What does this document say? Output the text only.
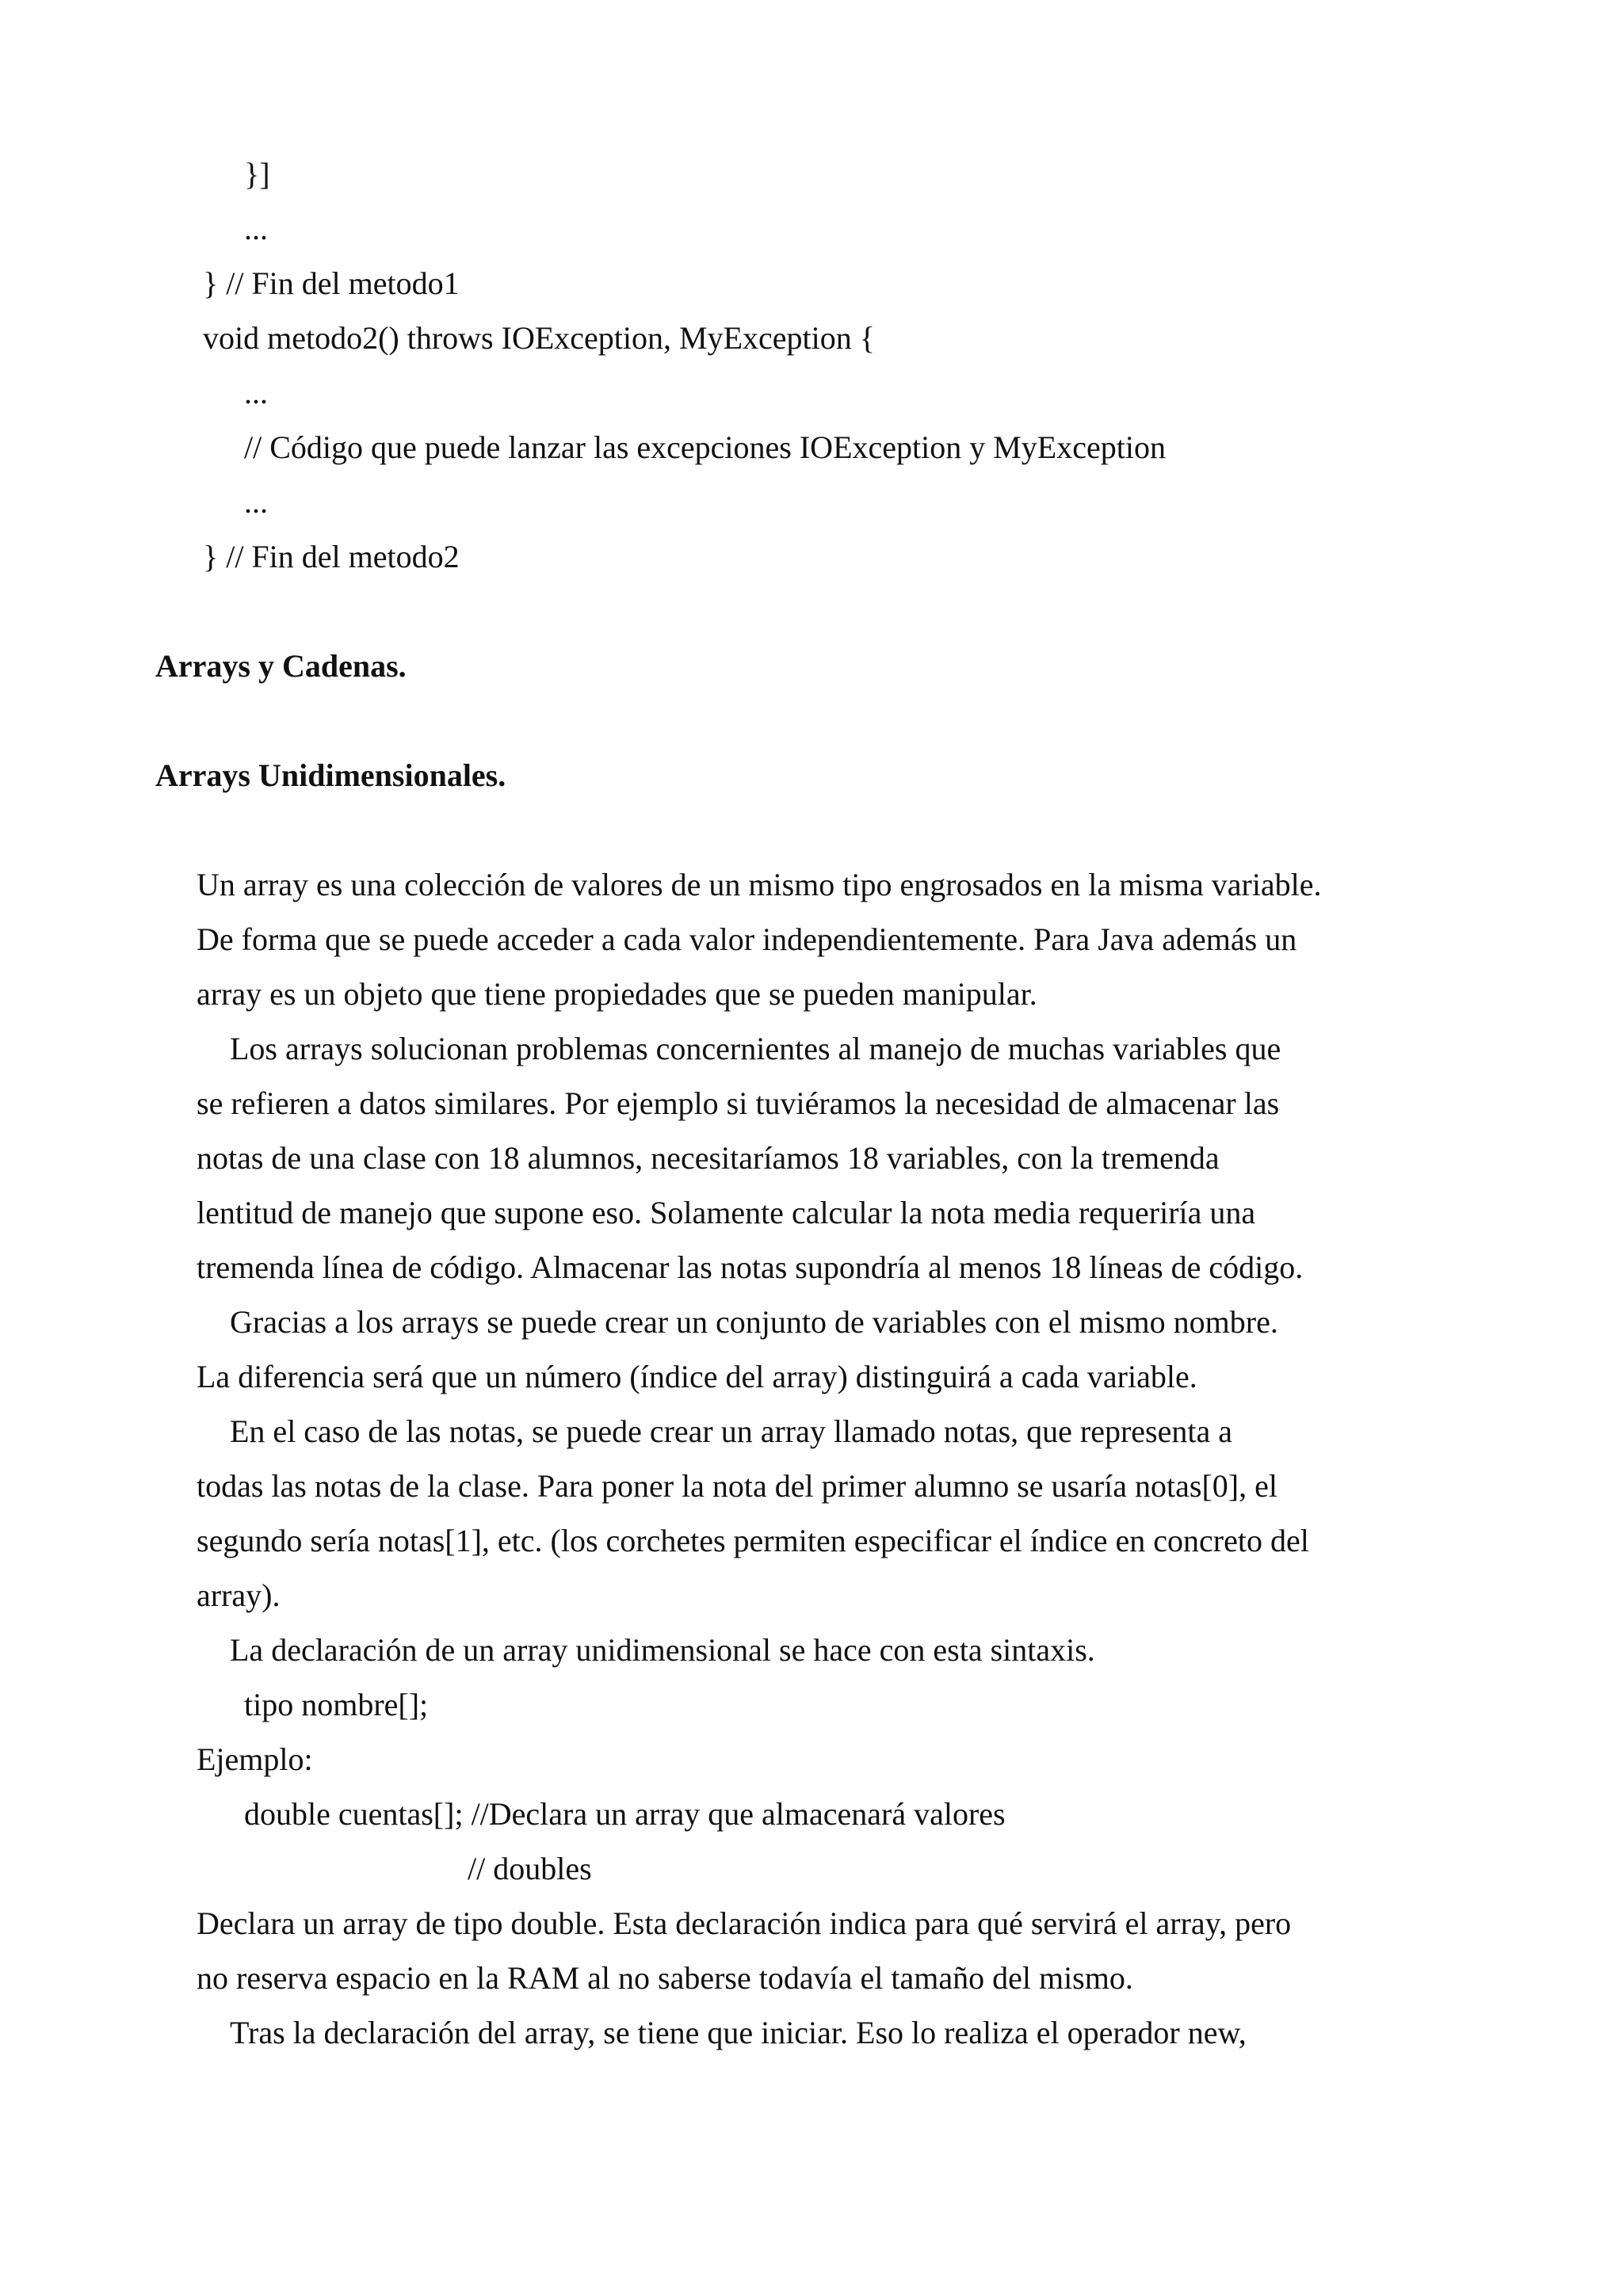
}]

...

} // Fin del metodo1

void metodo2() throws IOException, MyException {

...

// Código que puede lanzar las excepciones IOException y MyException

...

} // Fin del metodo2

Arrays y Cadenas.

Arrays Unidimensionales.

Un array es una colección de valores de un mismo tipo engrosados en la misma variable.

De forma que se puede acceder a cada valor independientemente. Para Java además un

array es un objeto que tiene propiedades que se pueden manipular.

Los arrays solucionan problemas concernientes al manejo de muchas variables que

se refieren a datos similares. Por ejemplo si tuviéramos la necesidad de almacenar las

notas de una clase con 18 alumnos, necesitaríamos 18 variables, con la tremenda

lentitud de manejo que supone eso. Solamente calcular la nota media requeriría una

tremenda línea de código. Almacenar las notas supondría al menos 18 líneas de código.

Gracias a los arrays se puede crear un conjunto de variables con el mismo nombre.

La diferencia será que un número (índice del array) distinguirá a cada variable.

En el caso de las notas, se puede crear un array llamado notas, que representa a

todas las notas de la clase. Para poner la nota del primer alumno se usaría notas[0], el

segundo sería notas[1], etc. (los corchetes permiten especificar el índice en concreto del

array).

La declaración de un array unidimensional se hace con esta sintaxis.

tipo nombre[];

Ejemplo:

double cuentas[]; //Declara un array que almacenará valores

// doubles

Declara un array de tipo double. Esta declaración indica para qué servirá el array, pero

no reserva espacio en la RAM al no saberse todavía el tamaño del mismo.

Tras la declaración del array, se tiene que iniciar. Eso lo realiza el operador new,
